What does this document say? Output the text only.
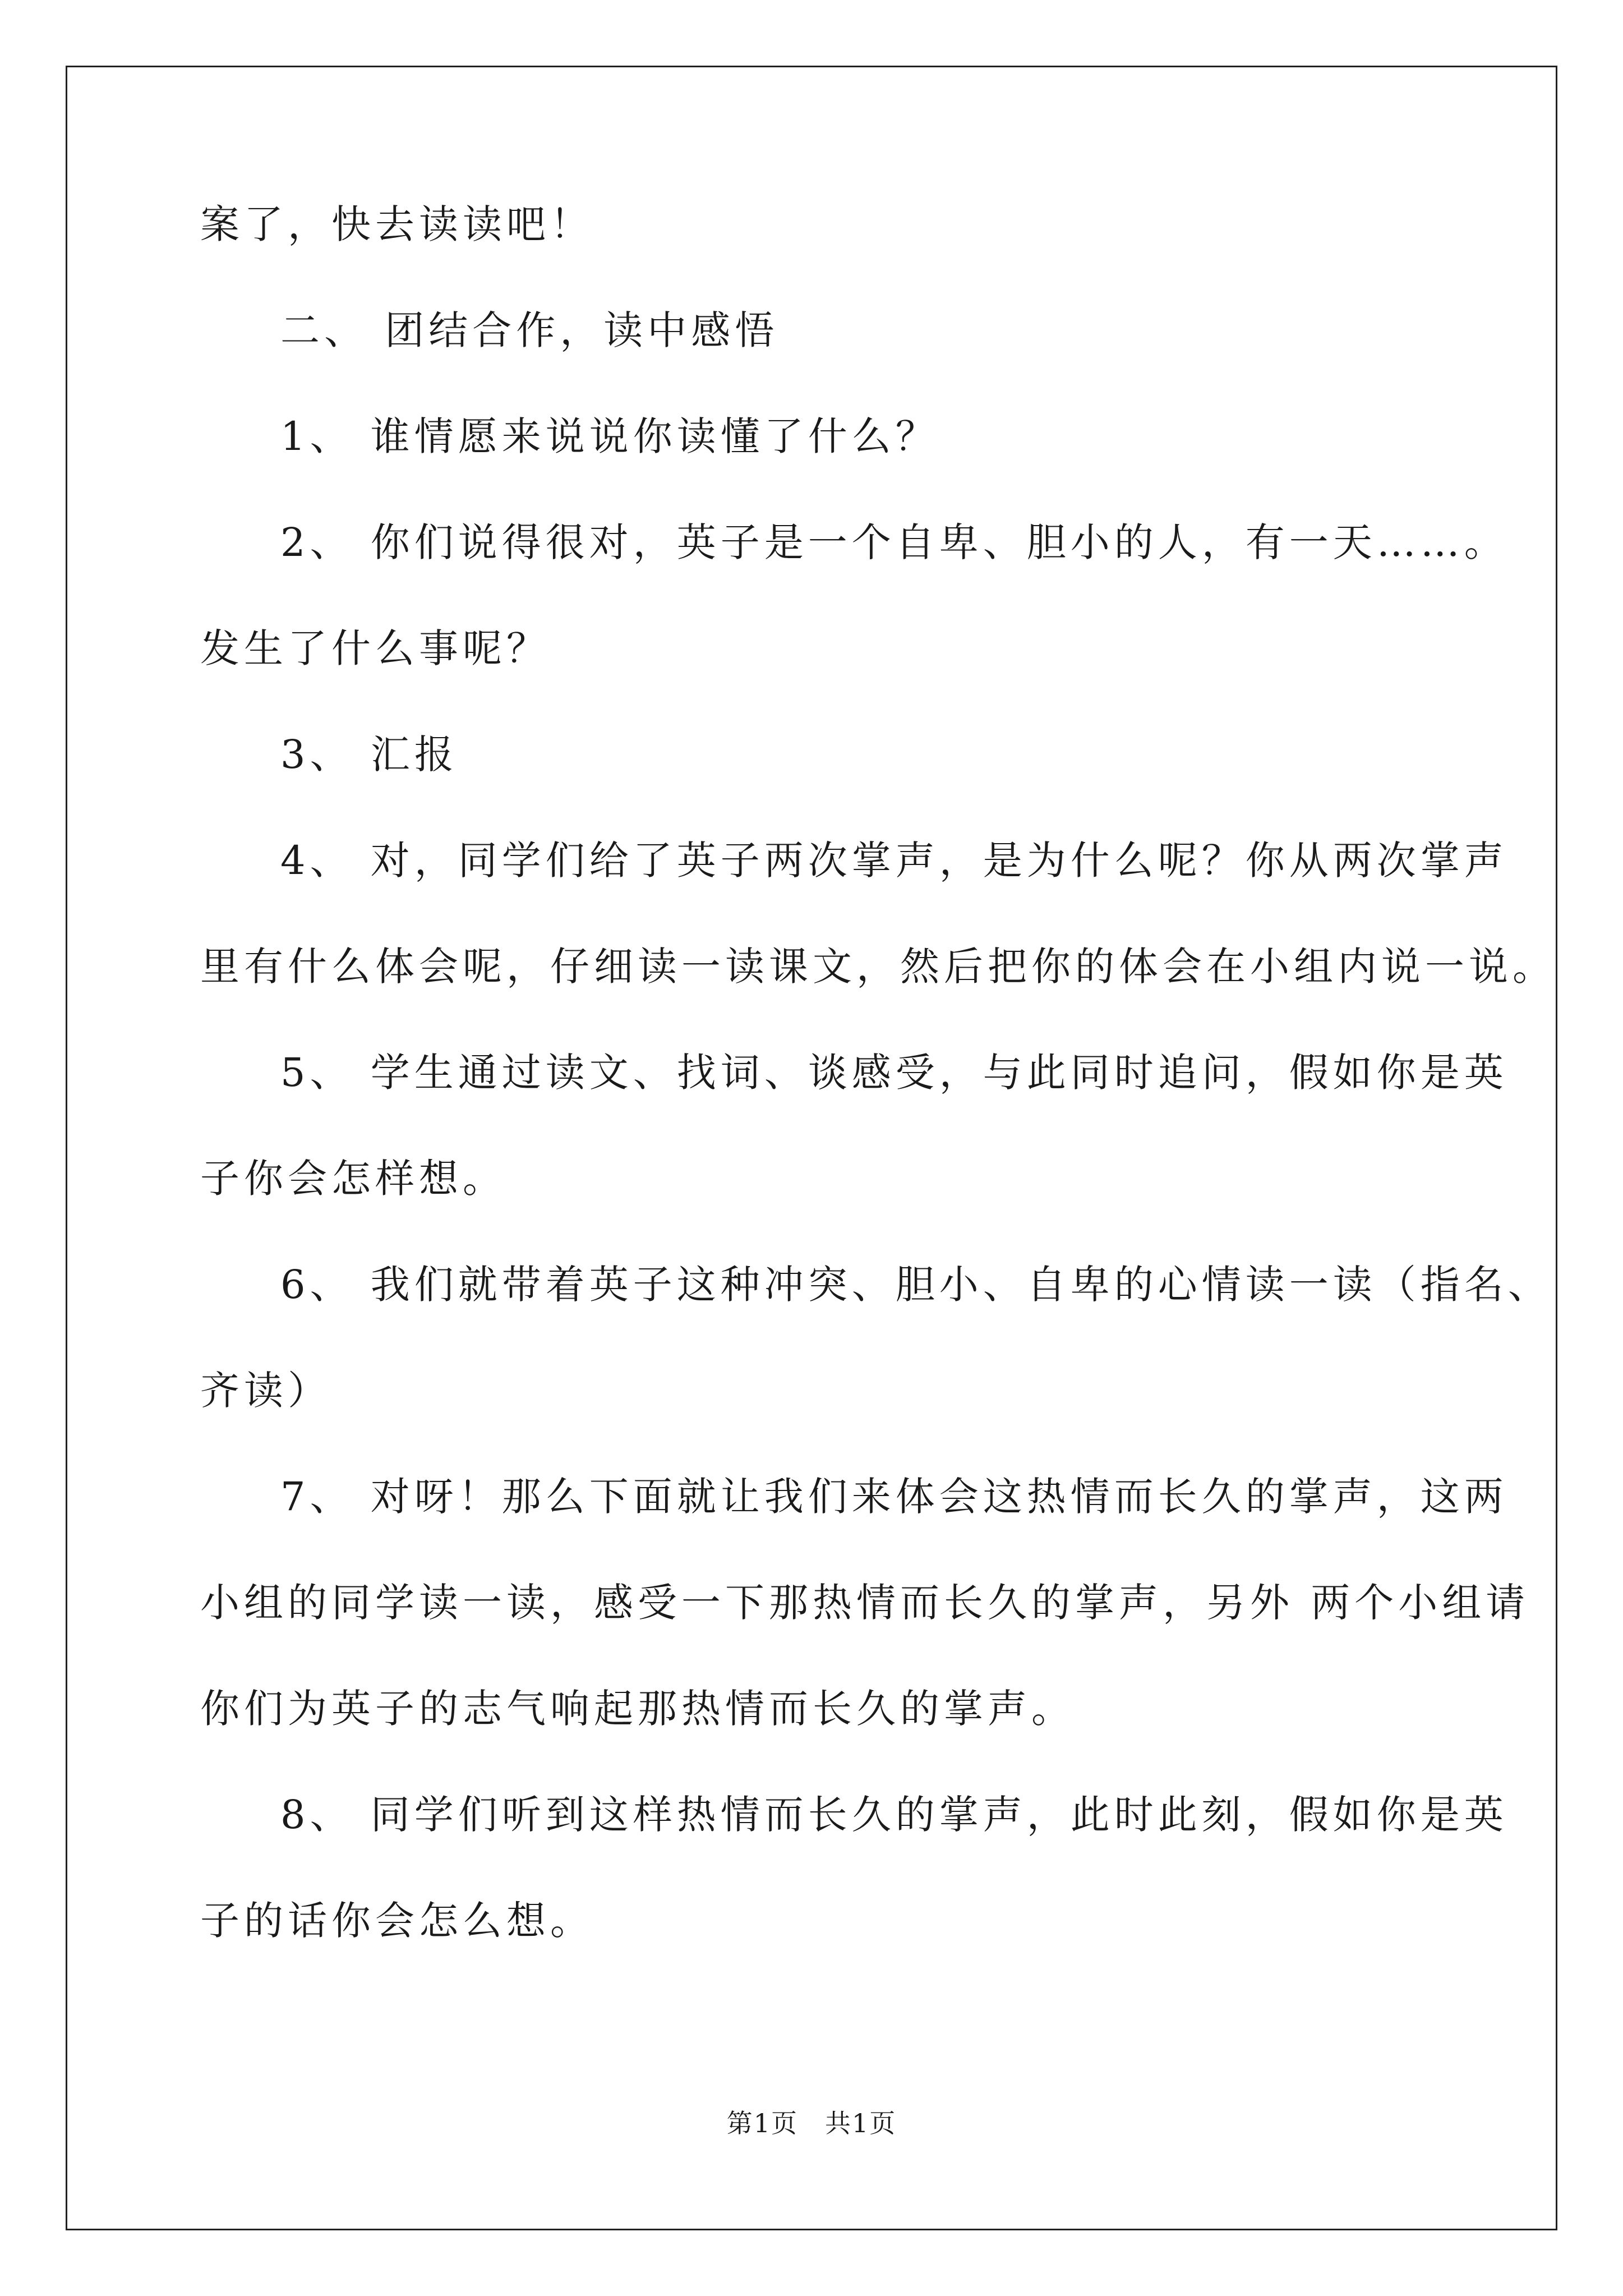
案了，快去读读吧！
二、 团结合作，读中感悟
1、 谁情愿来说说你读懂了什么？
2、 你们说得很对，英子是一个自卑、胆小的人，有一天……。
发生了什么事呢？
3、 汇报
4、 对，同学们给了英子两次掌声，是为什么呢？你从两次掌声
里有什么体会呢，仔细读一读课文，然后把你的体会在小组内说一说。
5、 学生通过读文、找词、谈感受，与此同时追问，假如你是英
子你会怎样想。
6、 我们就带着英子这种冲突、胆小、自卑的心情读一读（指名、
齐读）
7、 对呀！那么下面就让我们来体会这热情而长久的掌声，这两
小组的同学读一读，感受一下那热情而长久的掌声，另外 两个小组请
你们为英子的志气响起那热情而长久的掌声。
8、 同学们听到这样热情而长久的掌声，此时此刻，假如你是英
子的话你会怎么想。
第1页　共1页
